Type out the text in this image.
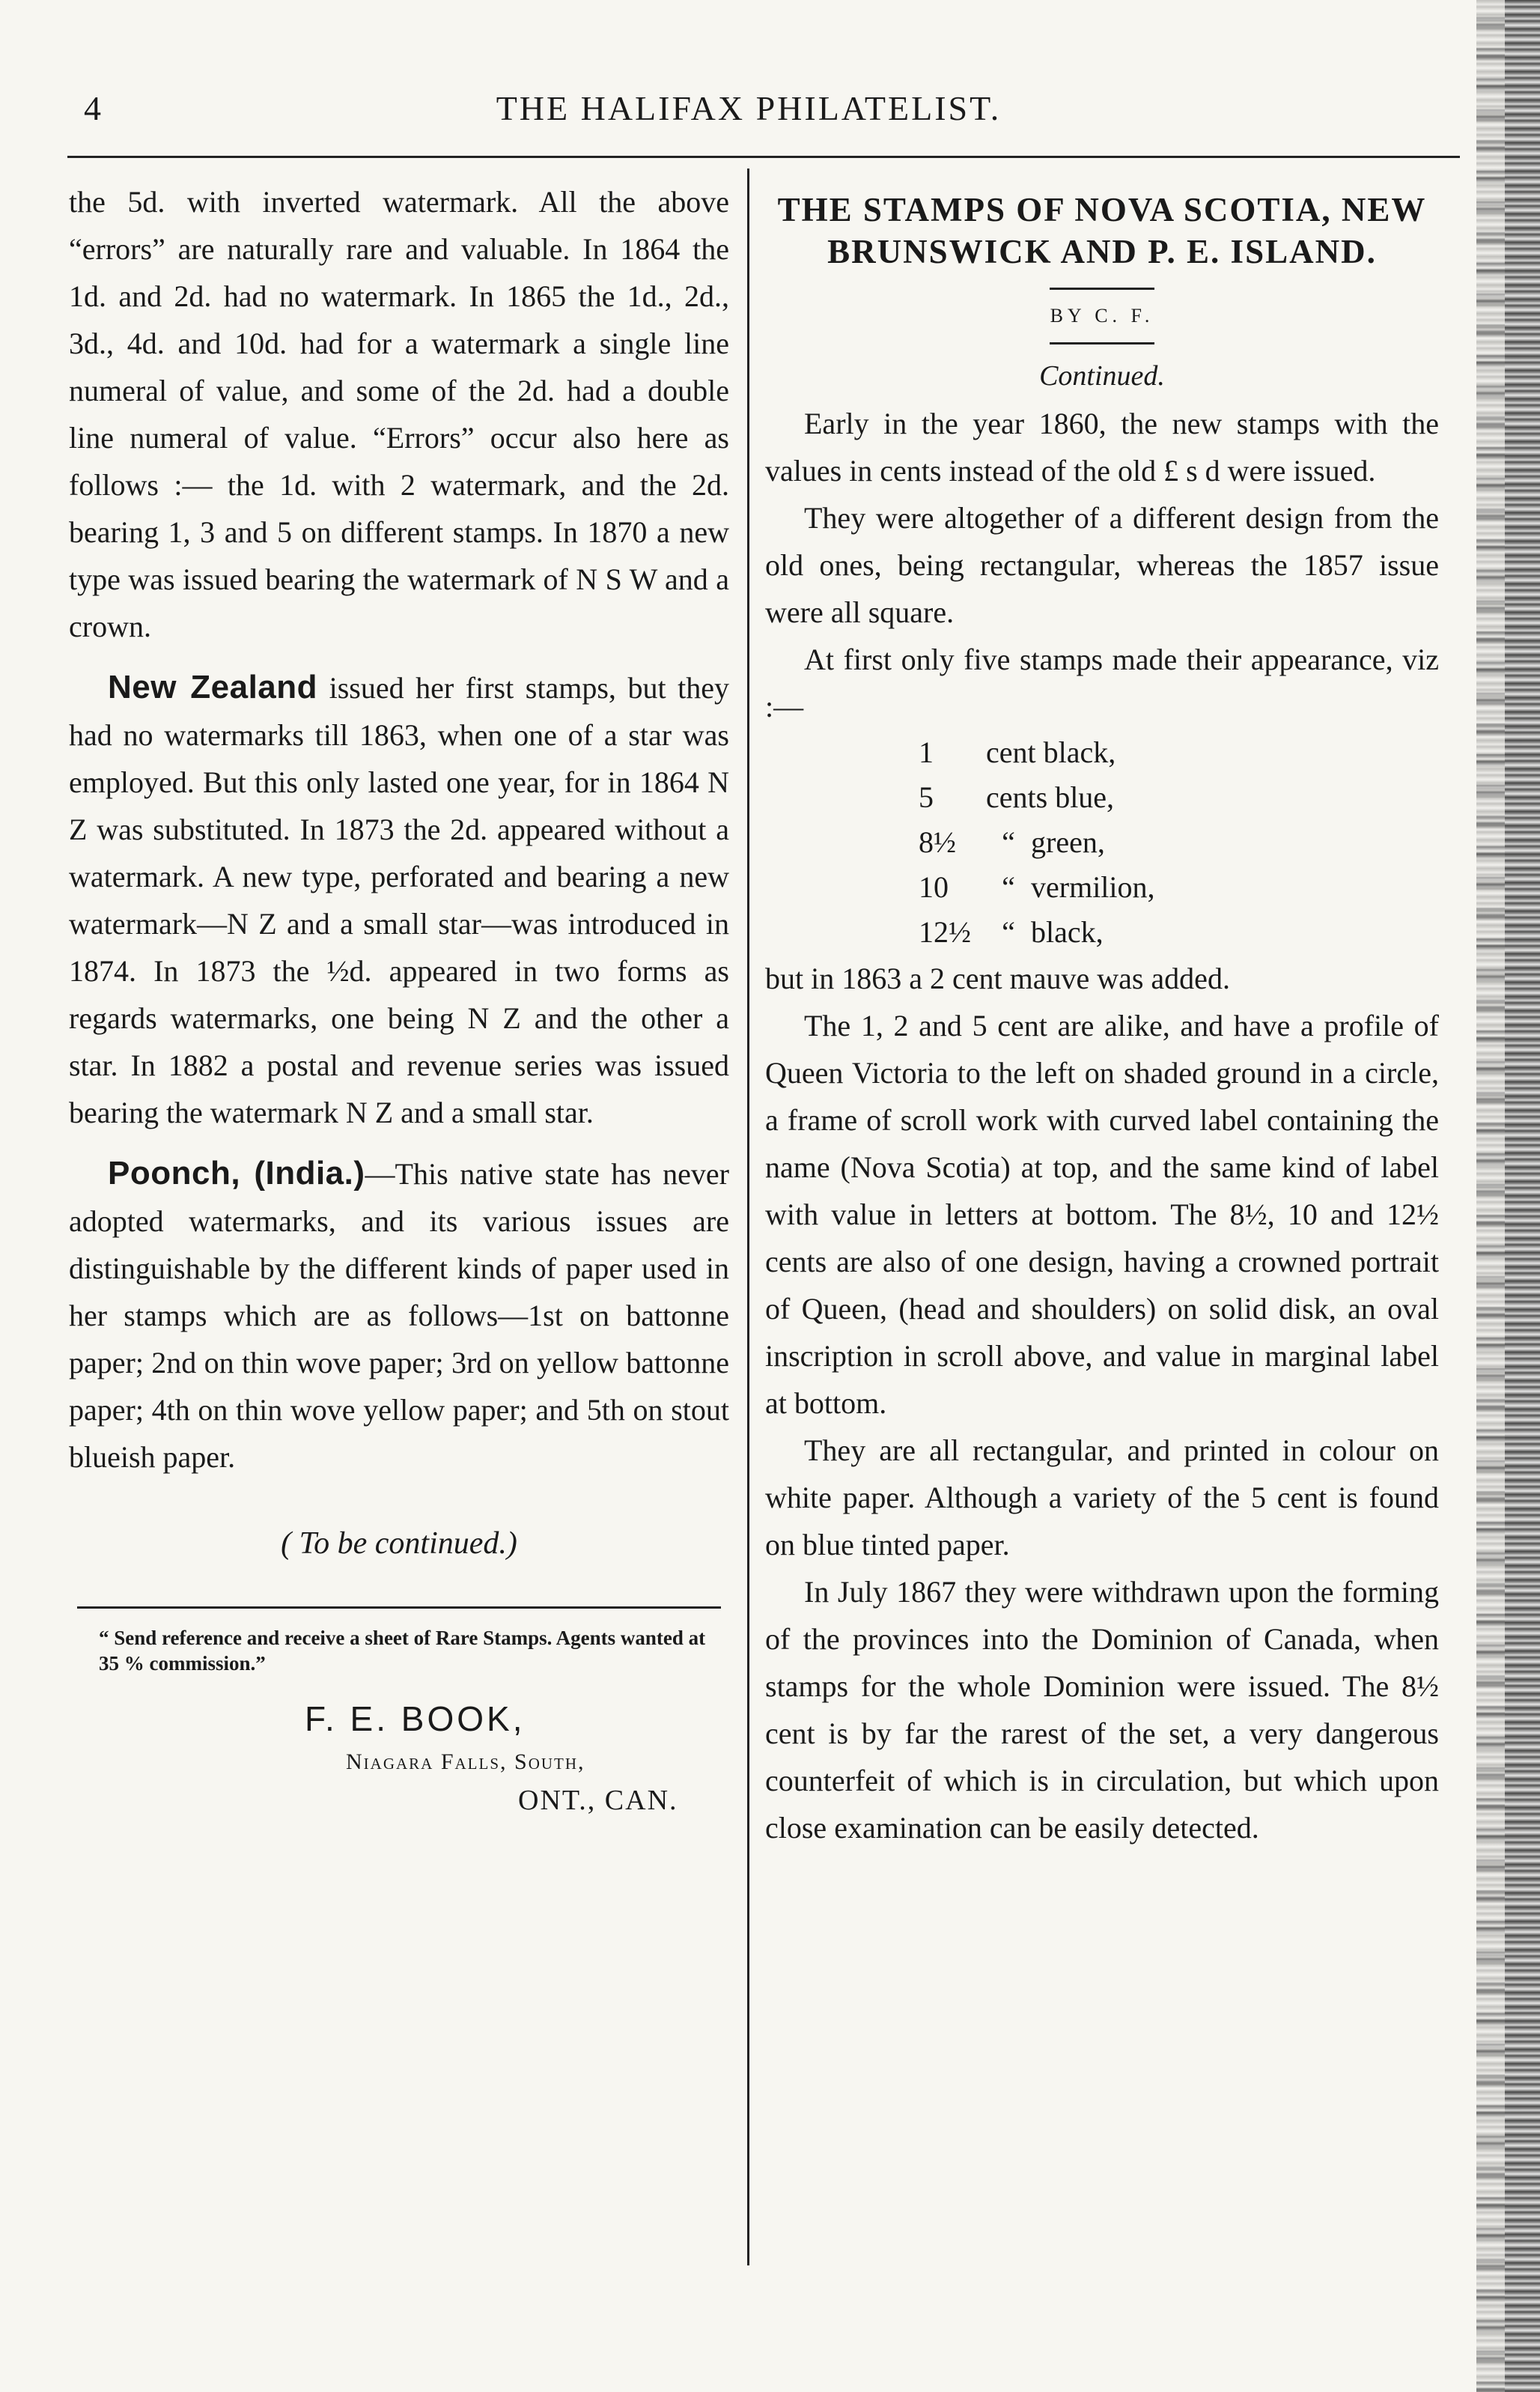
4	THE HALIFAX PHILATELIST.

the 5d. with inverted watermark. All the above “errors” are naturally rare and valuable. In 1864 the 1d. and 2d. had no watermark. In 1865 the 1d., 2d., 3d., 4d. and 10d. had for a watermark a single line numeral of value, and some of the 2d. had a double line numeral of value. “Errors” occur also here as follows :— the 1d. with 2 watermark, and the 2d. bearing 1, 3 and 5 on different stamps. In 1870 a new type was issued bearing the watermark of N S W and a crown.

New Zealand issued her first stamps, but they had no watermarks till 1863, when one of a star was employed. But this only lasted one year, for in 1864 N Z was substituted. In 1873 the 2d. appeared without a watermark. A new type, perforated and bearing a new watermark—N Z and a small star—was introduced in 1874. In 1873 the ½d. appeared in two forms as regards watermarks, one being N Z and the other a star. In 1882 a postal and revenue series was issued bearing the watermark N Z and a small star.

Poonch, (India.)—This native state has never adopted watermarks, and its various issues are distinguishable by the different kinds of paper used in her stamps which are as follows—1st on battonne paper; 2nd on thin wove paper; 3rd on yellow battonne paper; 4th on thin wove yellow paper; and 5th on stout blueish paper.

( To be continued.)
“ Send reference and receive a sheet of Rare Stamps. Agents wanted at 35 % commission.”
F. E. BOOK,
Niagara Falls, South,
ONT., CAN.
THE STAMPS OF NOVA SCOTIA, NEW BRUNSWICK AND P. E. ISLAND.
BY C. F.
Continued.

Early in the year 1860, the new stamps with the values in cents instead of the old £ s d were issued.

They were altogether of a different design from the old ones, being rectangular, whereas the 1857 issue were all square.

At first only five stamps made their appearance, viz :—

1	cent black,
5	cents blue,
8½	“ green,
10	“ vermilion,
12½	“ black,

but in 1863 a 2 cent mauve was added.

The 1, 2 and 5 cent are alike, and have a profile of Queen Victoria to the left on shaded ground in a circle, a frame of scroll work with curved label containing the name (Nova Scotia) at top, and the same kind of label with value in letters at bottom. The 8½, 10 and 12½ cents are also of one design, having a crowned portrait of Queen, (head and shoulders) on solid disk, an oval inscription in scroll above, and value in marginal label at bottom.

They are all rectangular, and printed in colour on white paper. Although a variety of the 5 cent is found on blue tinted paper.

In July 1867 they were withdrawn upon the forming of the provinces into the Dominion of Canada, when stamps for the whole Dominion were issued. The 8½ cent is by far the rarest of the set, a very dangerous counterfeit of which is in circulation, but which upon close examination can be easily detected.
